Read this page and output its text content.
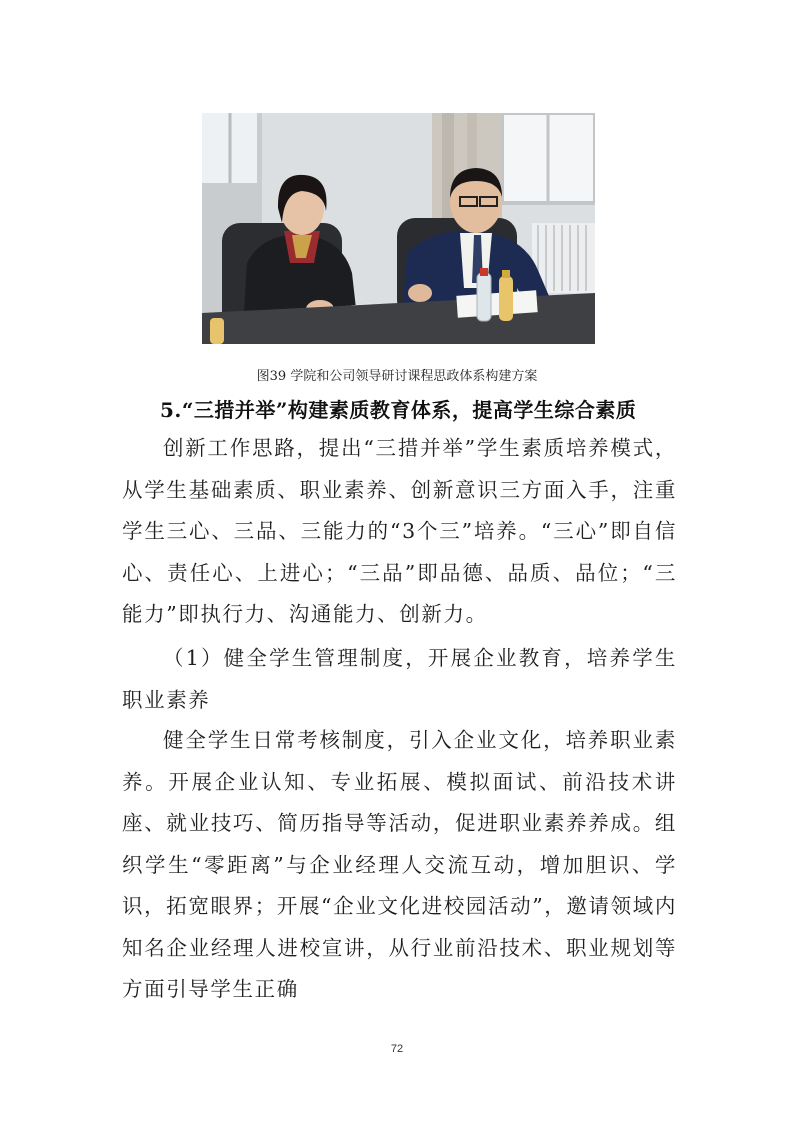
图39 学院和公司领导研讨课程思政体系构建方案
5.“三措并举”构建素质教育体系，提高学生综合素质

创新工作思路，提出“三措并举”学生素质培养模式，从学生基础素质、职业素养、创新意识三方面入手，注重学生三心、三品、三能力的“3个三”培养。“三心”即自信心、责任心、上进心；“三品”即品德、品质、品位；“三能力”即执行力、沟通能力、创新力。

（1）健全学生管理制度，开展企业教育，培养学生职业素养

健全学生日常考核制度，引入企业文化，培养职业素养。开展企业认知、专业拓展、模拟面试、前沿技术讲座、就业技巧、简历指导等活动，促进职业素养养成。组织学生“零距离”与企业经理人交流互动，增加胆识、学识，拓宽眼界；开展“企业文化进校园活动”，邀请领域内知名企业经理人进校宣讲，从行业前沿技术、职业规划等方面引导学生正确

72
